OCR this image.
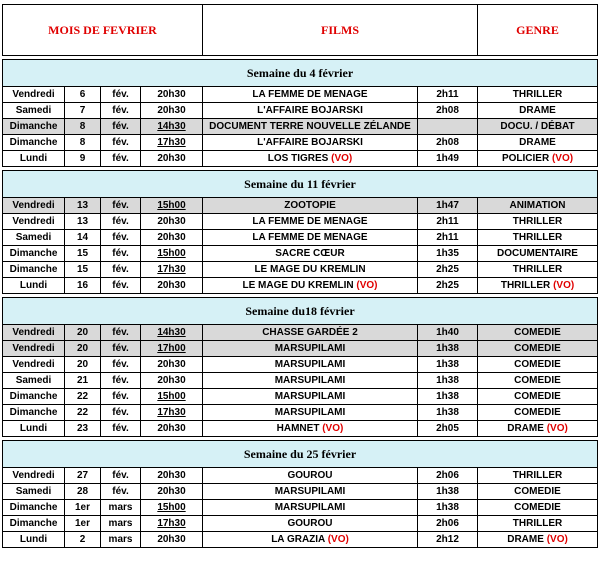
MOIS DE FEVRIER				FILMS		GENRE

Semaine du 4 février						
Vendredi	6	fév.	20h30	LA FEMME DE MENAGE	2h11	THRILLER
Samedi	7	fév.	20h30	L'AFFAIRE BOJARSKI	2h08	DRAME
Dimanche	8	fév.	14h30	DOCUMENT TERRE NOUVELLE ZÉLANDE		DOCU. / DÉBAT
Dimanche	8	fév.	17h30	L'AFFAIRE BOJARSKI	2h08	DRAME
Lundi	9	fév.	20h30	LOS TIGRES (VO)	1h49	POLICIER (VO)

Semaine du 11 février						
Vendredi	13	fév.	15h00	ZOOTOPIE	1h47	ANIMATION
Vendredi	13	fév.	20h30	LA FEMME DE MENAGE	2h11	THRILLER
Samedi	14	fév.	20h30	LA FEMME DE MENAGE	2h11	THRILLER
Dimanche	15	fév.	15h00	SACRE CŒUR	1h35	DOCUMENTAIRE
Dimanche	15	fév.	17h30	LE MAGE DU KREMLIN	2h25	THRILLER
Lundi	16	fév.	20h30	LE MAGE DU KREMLIN (VO)	2h25	THRILLER (VO)

Semaine du18 février						
Vendredi	20	fév.	14h30	CHASSE GARDÉE 2	1h40	COMEDIE
Vendredi	20	fév.	17h00	MARSUPILAMI	1h38	COMEDIE
Vendredi	20	fév.	20h30	MARSUPILAMI	1h38	COMEDIE
Samedi	21	fév.	20h30	MARSUPILAMI	1h38	COMEDIE
Dimanche	22	fév.	15h00	MARSUPILAMI	1h38	COMEDIE
Dimanche	22	fév.	17h30	MARSUPILAMI	1h38	COMEDIE
Lundi	23	fév.	20h30	HAMNET (VO)	2h05	DRAME (VO)

Semaine du 25 février						
Vendredi	27	fév.	20h30	GOUROU	2h06	THRILLER
Samedi	28	fév.	20h30	MARSUPILAMI	1h38	COMEDIE
Dimanche	1er	mars	15h00	MARSUPILAMI	1h38	COMEDIE
Dimanche	1er	mars	17h30	GOUROU	2h06	THRILLER
Lundi	2	mars	20h30	LA GRAZIA (VO)	2h12	DRAME (VO)
